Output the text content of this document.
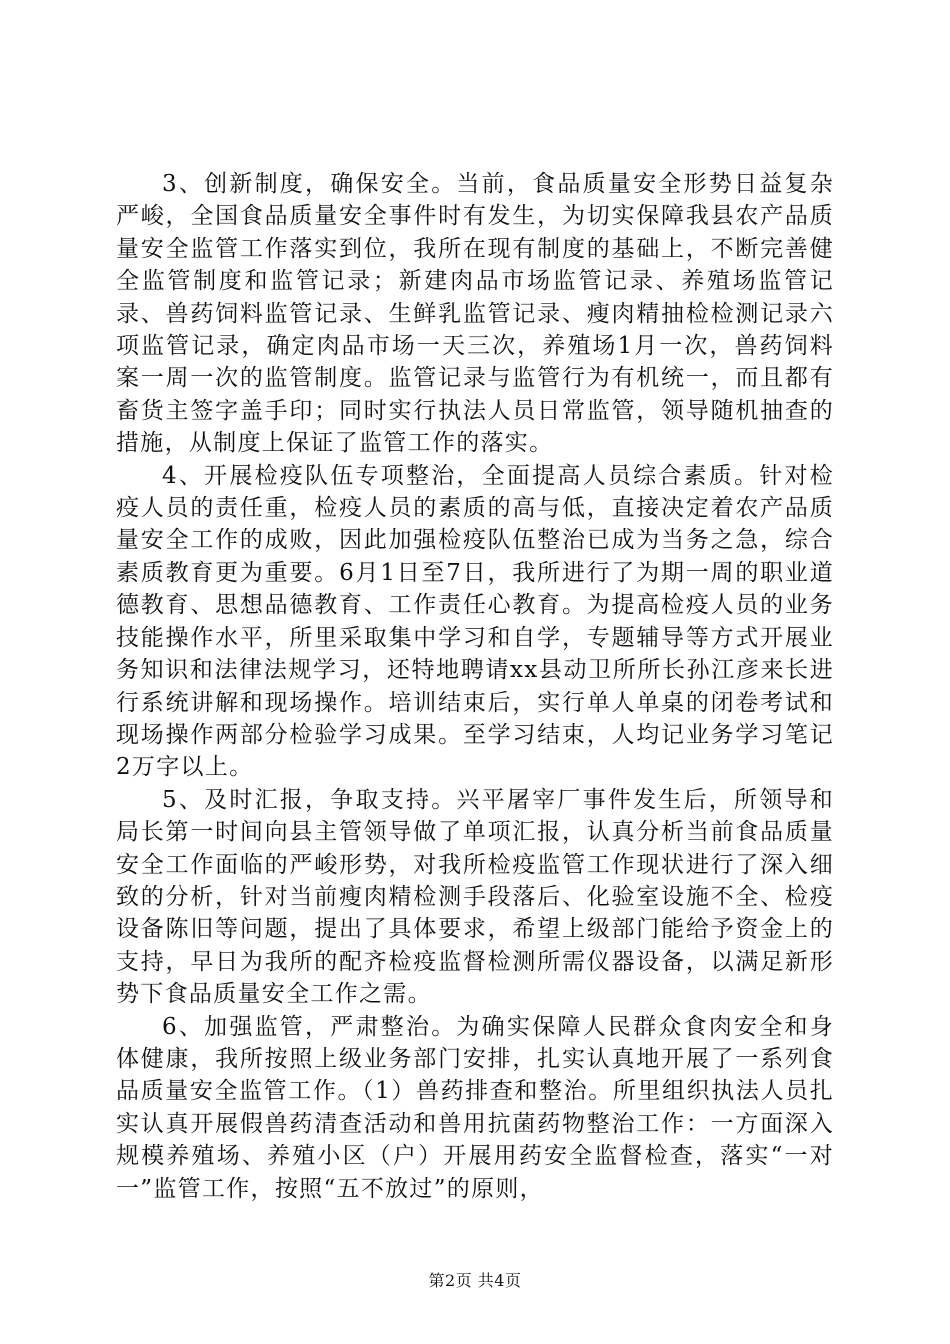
3、创新制度，确保安全。当前，食品质量安全形势日益复杂严峻，全国食品质量安全事件时有发生，为切实保障我县农产品质量安全监管工作落实到位，我所在现有制度的基础上，不断完善健全监管制度和监管记录；新建肉品市场监管记录、养殖场监管记录、兽药饲料监管记录、生鲜乳监管记录、瘦肉精抽检检测记录六项监管记录，确定肉品市场一天三次，养殖场1月一次，兽药饲料案一周一次的监管制度。监管记录与监管行为有机统一，而且都有畜货主签字盖手印；同时实行执法人员日常监管，领导随机抽查的措施，从制度上保证了监管工作的落实。

4、开展检疫队伍专项整治，全面提高人员综合素质。针对检疫人员的责任重，检疫人员的素质的高与低，直接决定着农产品质量安全工作的成败，因此加强检疫队伍整治已成为当务之急，综合素质教育更为重要。6月1日至7日，我所进行了为期一周的职业道德教育、思想品德教育、工作责任心教育。为提高检疫人员的业务技能操作水平，所里采取集中学习和自学，专题辅导等方式开展业务知识和法律法规学习，还特地聘请xx县动卫所所长孙江彦来长进行系统讲解和现场操作。培训结束后，实行单人单桌的闭卷考试和现场操作两部分检验学习成果。至学习结束，人均记业务学习笔记2万字以上。

5、及时汇报，争取支持。兴平屠宰厂事件发生后，所领导和局长第一时间向县主管领导做了单项汇报，认真分析当前食品质量安全工作面临的严峻形势，对我所检疫监管工作现状进行了深入细致的分析，针对当前瘦肉精检测手段落后、化验室设施不全、检疫设备陈旧等问题，提出了具体要求，希望上级部门能给予资金上的支持，早日为我所的配齐检疫监督检测所需仪器设备，以满足新形势下食品质量安全工作之需。

6、加强监管，严肃整治。为确实保障人民群众食肉安全和身体健康，我所按照上级业务部门安排，扎实认真地开展了一系列食品质量安全监管工作。（1）兽药排查和整治。所里组织执法人员扎实认真开展假兽药清查活动和兽用抗菌药物整治工作：一方面深入规模养殖场、养殖小区（户）开展用药安全监督检查，落实“一对一”监管工作，按照“五不放过”的原则，

第2页 共4页
